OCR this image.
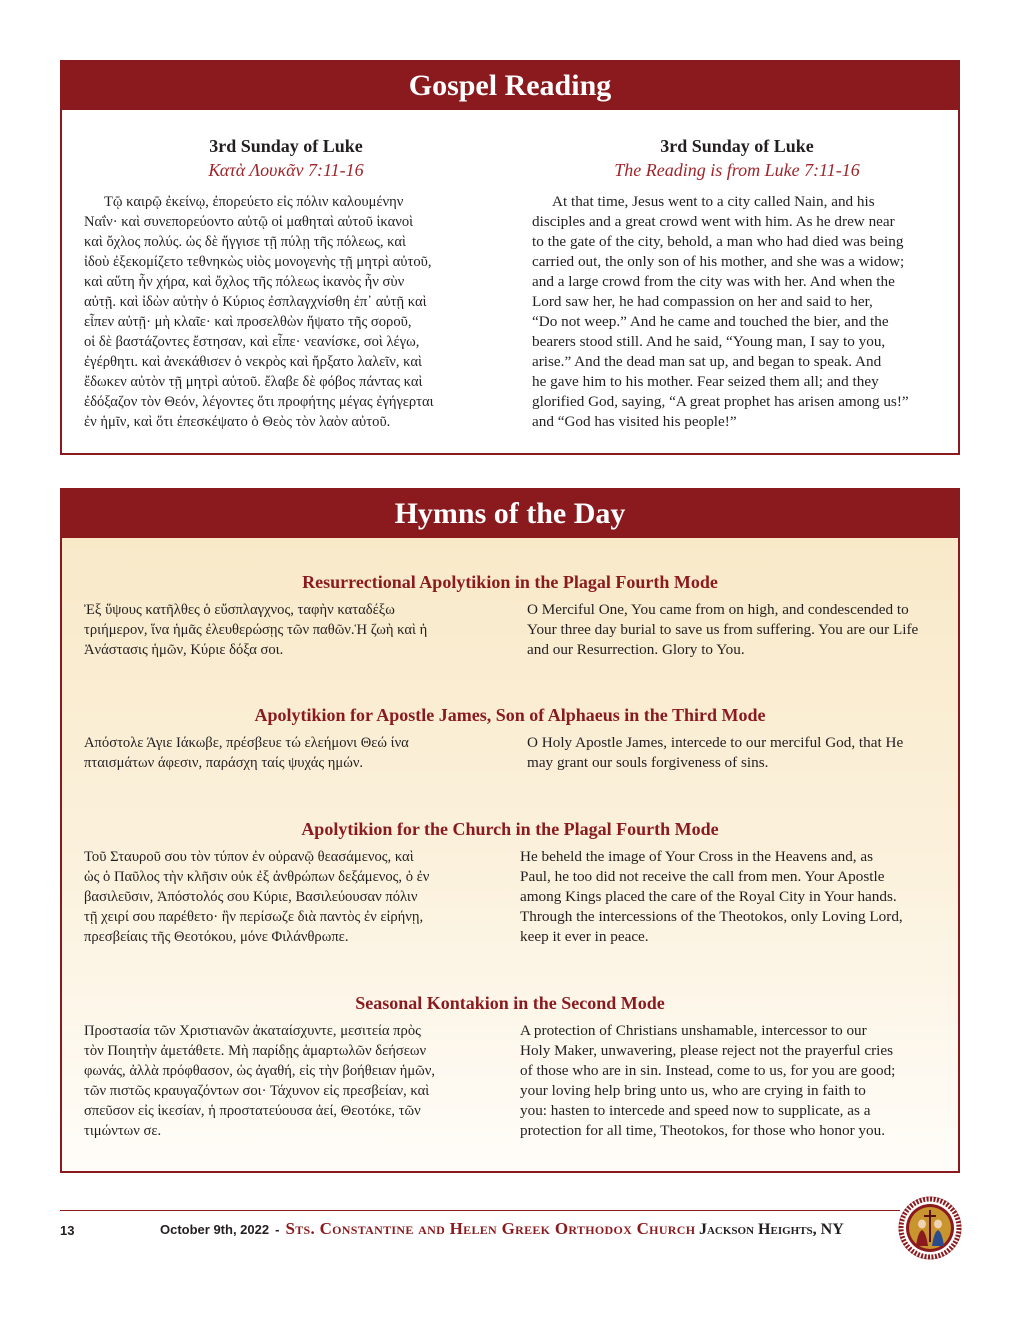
Gospel Reading
3rd Sunday of Luke
Κατὰ Λουκᾶν 7:11-16
Τῷ καιρῷ ἐκείνῳ, ἐπορεύετο εἰς πόλιν καλουμένην
Ναΐν· καὶ συνεπορεύοντο αὐτῷ οἱ μαθηταὶ αὐτοῦ ἱκανοὶ
καὶ ὄχλος πολύς. ὡς δὲ ἤγγισε τῇ πύλῃ τῆς πόλεως, καὶ
ἰδοὺ ἐξεκομίζετο τεθνηκὼς υἱὸς μονογενὴς τῇ μητρὶ αὐτοῦ,
καὶ αὕτη ἦν χήρα, καὶ ὄχλος τῆς πόλεως ἱκανὸς ἦν σὺν
αὐτῇ. καὶ ἰδὼν αὐτὴν ὁ Κύριος ἐσπλαγχνίσθη ἐπ᾽ αὐτῇ καὶ
εἶπεν αὐτῇ· μὴ κλαῖε· καὶ προσελθὼν ἥψατο τῆς σοροῦ,
οἱ δὲ βαστάζοντες ἔστησαν, καὶ εἶπε· νεανίσκε, σοὶ λέγω,
ἐγέρθητι. καὶ ἀνεκάθισεν ὁ νεκρὸς καὶ ἤρξατο λαλεῖν, καὶ
ἔδωκεν αὐτὸν τῇ μητρὶ αὐτοῦ. ἔλαβε δὲ φόβος πάντας καὶ
ἐδόξαζον τὸν Θεόν, λέγοντες ὅτι προφήτης μέγας ἐγήγερται
ἐν ἡμῖν, καὶ ὅτι ἐπεσκέψατο ὁ Θεὸς τὸν λαὸν αὐτοῦ.
3rd Sunday of Luke
The Reading is from Luke 7:11-16
At that time, Jesus went to a city called Nain, and his
disciples and a great crowd went with him. As he drew near
to the gate of the city, behold, a man who had died was being
carried out, the only son of his mother, and she was a widow;
and a large crowd from the city was with her. And when the
Lord saw her, he had compassion on her and said to her,
“Do not weep.” And he came and touched the bier, and the
bearers stood still. And he said, “Young man, I say to you,
arise.” And the dead man sat up, and began to speak. And
he gave him to his mother. Fear seized them all; and they
glorified God, saying, “A great prophet has arisen among us!”
and “God has visited his people!”
Hymns of the Day
Resurrectional Apolytikion in the Plagal Fourth Mode
Ἐξ ὕψους κατῆλθες ὁ εὔσπλαγχνος, ταφὴν καταδέξω
τριήμερον, ἵνα ἡμᾶς ἐλευθερώσῃς τῶν παθῶν.Ἡ ζωὴ καὶ ἡ
Ἀνάστασις ἡμῶν, Κύριε δόξα σοι.
O Merciful One, You came from on high, and condescended to
Your three day burial to save us from suffering. You are our Life
and our Resurrection. Glory to You.
Apolytikion for Apostle James, Son of Alphaeus in the Third Mode
Απόστολε Άγιε Ιάκωβε, πρέσβευε τώ ελεήμονι Θεώ ίνα
πταισμάτων άφεσιν, παράσχη ταίς ψυχάς ημών.
O Holy Apostle James, intercede to our merciful God, that He
may grant our souls forgiveness of sins.
Apolytikion for the Church in the Plagal Fourth Mode
Τοῦ Σταυροῦ σου τὸν τύπον ἐν οὐρανῷ θεασάμενος, καὶ
ὡς ὁ Παῦλος τὴν κλῆσιν οὐκ ἐξ ἀνθρώπων δεξάμενος, ὁ ἐν
βασιλεῦσιν, Ἀπόστολός σου Κύριε, Βασιλεύουσαν πόλιν
τῇ χειρί σου παρέθετο· ἣν περίσωζε διὰ παντὸς ἐν εἰρήνῃ,
πρεσβείαις τῆς Θεοτόκου, μόνε Φιλάνθρωπε.
He beheld the image of Your Cross in the Heavens and, as
Paul, he too did not receive the call from men. Your Apostle
among Kings placed the care of the Royal City in Your hands.
Through the intercessions of the Theotokos, only Loving Lord,
keep it ever in peace.
Seasonal Kontakion in the Second Mode
Προστασία τῶν Χριστιανῶν ἀκαταίσχυντε, μεσιτεία πρὸς
τὸν Ποιητὴν ἀμετάθετε. Μὴ παρίδῃς ἁμαρτωλῶν δεήσεων
φωνάς, ἀλλὰ πρόφθασον, ὡς ἀγαθή, εἰς τὴν βοήθειαν ἡμῶν,
τῶν πιστῶς κραυγαζόντων σοι· Τάχυνον εἰς πρεσβείαν, καὶ
σπεῦσον εἰς ἱκεσίαν, ἡ προστατεύουσα ἀεί, Θεοτόκε, τῶν
τιμώντων σε.
A protection of Christians unshamable, intercessor to our
Holy Maker, unwavering, please reject not the prayerful cries
of those who are in sin. Instead, come to us, for you are good;
your loving help bring unto us, who are crying in faith to
you: hasten to intercede and speed now to supplicate, as a
protection for all time, Theotokos, for those who honor you.
13	October 9th, 2022 - Sts. Constantine and Helen Greek Orthodox Church Jackson Heights, NY
